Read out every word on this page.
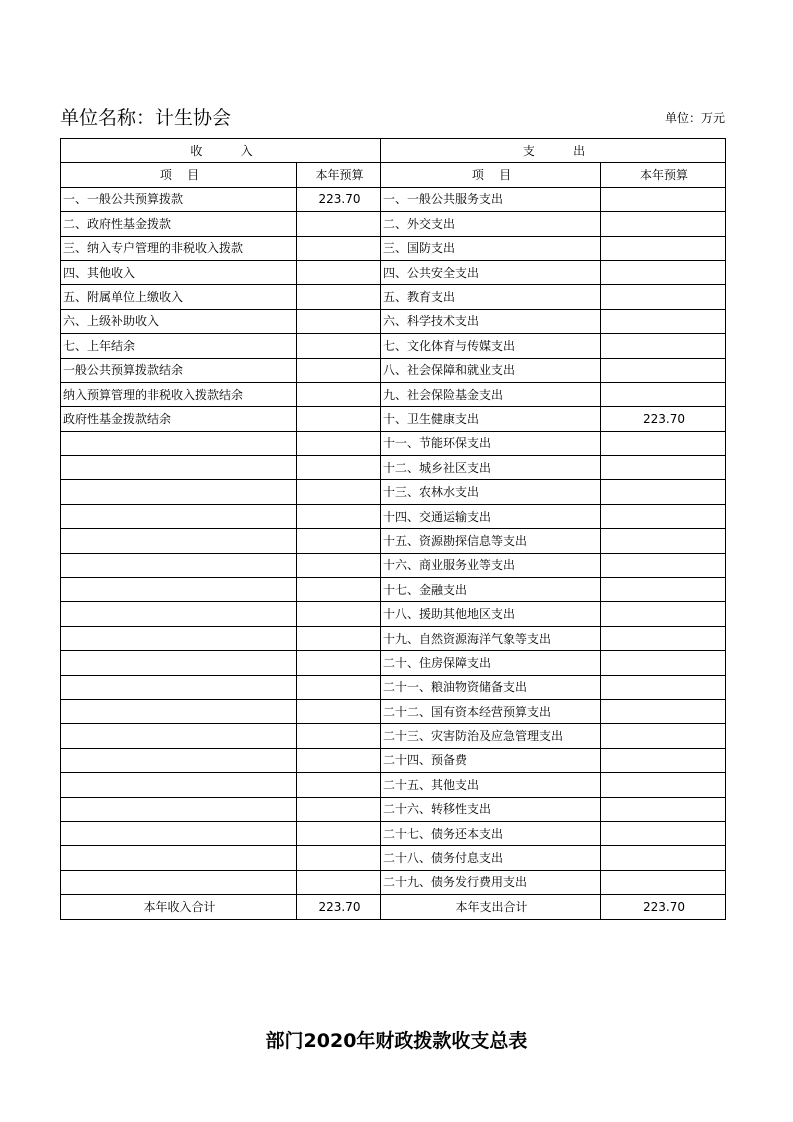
单位名称：计生协会	单位：万元
收          入		支          出	
项    目	本年预算	项    目	本年预算
一、一般公共预算拨款	223.70	一、一般公共服务支出	
二、政府性基金拨款		二、外交支出	
三、纳入专户管理的非税收入拨款		三、国防支出	
四、其他收入		四、公共安全支出	
五、附属单位上缴收入		五、教育支出	
六、上级补助收入		六、科学技术支出	
七、上年结余		七、文化体育与传媒支出	
一般公共预算拨款结余		八、社会保障和就业支出	
纳入预算管理的非税收入拨款结余		九、社会保险基金支出	
政府性基金拨款结余		十、卫生健康支出	223.70
		十一、节能环保支出	
		十二、城乡社区支出	
		十三、农林水支出	
		十四、交通运输支出	
		十五、资源勘探信息等支出	
		十六、商业服务业等支出	
		十七、金融支出	
		十八、援助其他地区支出	
		十九、自然资源海洋气象等支出	
		二十、住房保障支出	
		二十一、粮油物资储备支出	
		二十二、国有资本经营预算支出	
		二十三、灾害防治及应急管理支出	
		二十四、预备费	
		二十五、其他支出	
		二十六、转移性支出	
		二十七、债务还本支出	
		二十八、债务付息支出	
		二十九、债务发行费用支出	
本年收入合计	223.70	本年支出合计	223.70
部门2020年财政拨款收支总表
